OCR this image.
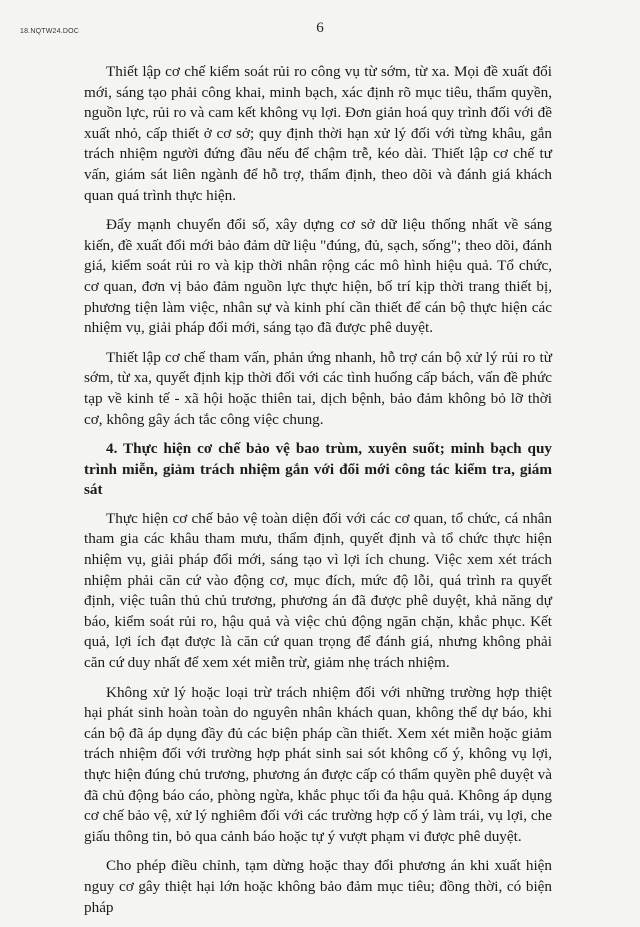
18.NQTW24.DOC	6

Thiết lập cơ chế kiểm soát rủi ro công vụ từ sớm, từ xa. Mọi đề xuất đổi mới, sáng tạo phải công khai, minh bạch, xác định rõ mục tiêu, thẩm quyền, nguồn lực, rủi ro và cam kết không vụ lợi. Đơn giản hoá quy trình đối với đề xuất nhỏ, cấp thiết ở cơ sở; quy định thời hạn xử lý đối với từng khâu, gắn trách nhiệm người đứng đầu nếu để chậm trễ, kéo dài. Thiết lập cơ chế tư vấn, giám sát liên ngành để hỗ trợ, thẩm định, theo dõi và đánh giá khách quan quá trình thực hiện.

Đẩy mạnh chuyển đổi số, xây dựng cơ sở dữ liệu thống nhất về sáng kiến, đề xuất đổi mới bảo đảm dữ liệu "đúng, đủ, sạch, sống"; theo dõi, đánh giá, kiểm soát rủi ro và kịp thời nhân rộng các mô hình hiệu quả. Tổ chức, cơ quan, đơn vị bảo đảm nguồn lực thực hiện, bố trí kịp thời trang thiết bị, phương tiện làm việc, nhân sự và kinh phí cần thiết để cán bộ thực hiện các nhiệm vụ, giải pháp đổi mới, sáng tạo đã được phê duyệt.

Thiết lập cơ chế tham vấn, phản ứng nhanh, hỗ trợ cán bộ xử lý rủi ro từ sớm, từ xa, quyết định kịp thời đối với các tình huống cấp bách, vấn đề phức tạp về kinh tế - xã hội hoặc thiên tai, dịch bệnh, bảo đảm không bỏ lỡ thời cơ, không gây ách tắc công việc chung.

4. Thực hiện cơ chế bảo vệ bao trùm, xuyên suốt; minh bạch quy trình miễn, giảm trách nhiệm gắn với đổi mới công tác kiểm tra, giám sát

Thực hiện cơ chế bảo vệ toàn diện đối với các cơ quan, tổ chức, cá nhân tham gia các khâu tham mưu, thẩm định, quyết định và tổ chức thực hiện nhiệm vụ, giải pháp đổi mới, sáng tạo vì lợi ích chung. Việc xem xét trách nhiệm phải căn cứ vào động cơ, mục đích, mức độ lỗi, quá trình ra quyết định, việc tuân thủ chủ trương, phương án đã được phê duyệt, khả năng dự báo, kiểm soát rủi ro, hậu quả và việc chủ động ngăn chặn, khắc phục. Kết quả, lợi ích đạt được là căn cứ quan trọng để đánh giá, nhưng không phải căn cứ duy nhất để xem xét miễn trừ, giảm nhẹ trách nhiệm.

Không xử lý hoặc loại trừ trách nhiệm đối với những trường hợp thiệt hại phát sinh hoàn toàn do nguyên nhân khách quan, không thể dự báo, khi cán bộ đã áp dụng đầy đủ các biện pháp cần thiết. Xem xét miễn hoặc giảm trách nhiệm đối với trường hợp phát sinh sai sót không cố ý, không vụ lợi, thực hiện đúng chủ trương, phương án được cấp có thẩm quyền phê duyệt và đã chủ động báo cáo, phòng ngừa, khắc phục tối đa hậu quả. Không áp dụng cơ chế bảo vệ, xử lý nghiêm đối với các trường hợp cố ý làm trái, vụ lợi, che giấu thông tin, bỏ qua cảnh báo hoặc tự ý vượt phạm vi được phê duyệt.

Cho phép điều chỉnh, tạm dừng hoặc thay đổi phương án khi xuất hiện nguy cơ gây thiệt hại lớn hoặc không bảo đảm mục tiêu; đồng thời, có biện pháp
